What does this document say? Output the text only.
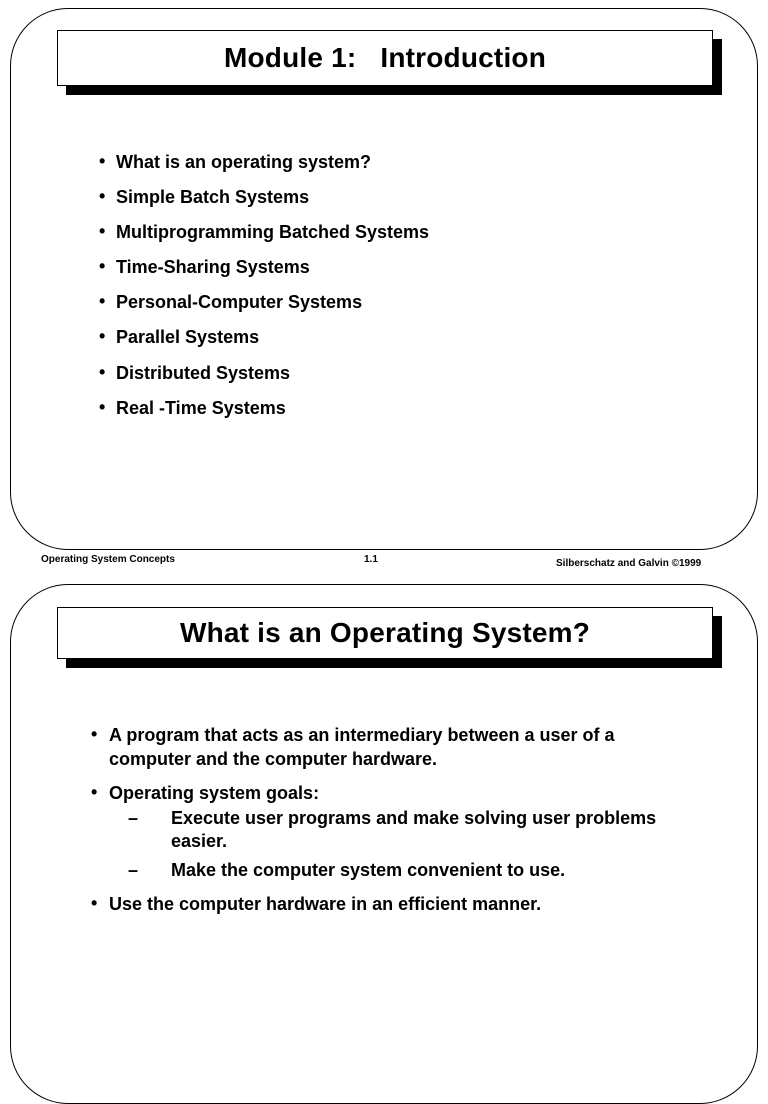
Module 1:   Introduction
• What is an operating system?
• Simple Batch Systems
• Multiprogramming Batched Systems
• Time-Sharing Systems
• Personal-Computer Systems
• Parallel Systems
• Distributed Systems
• Real -Time Systems
Operating System Concepts	1.1	Silberschatz and Galvin ©1999
What is an Operating System?
• A program that acts as an intermediary between a user of a computer and the computer hardware.
• Operating system goals:
– Execute user programs and make solving user problems easier.
– Make the computer system convenient to use.
• Use the computer hardware in an efficient manner.
